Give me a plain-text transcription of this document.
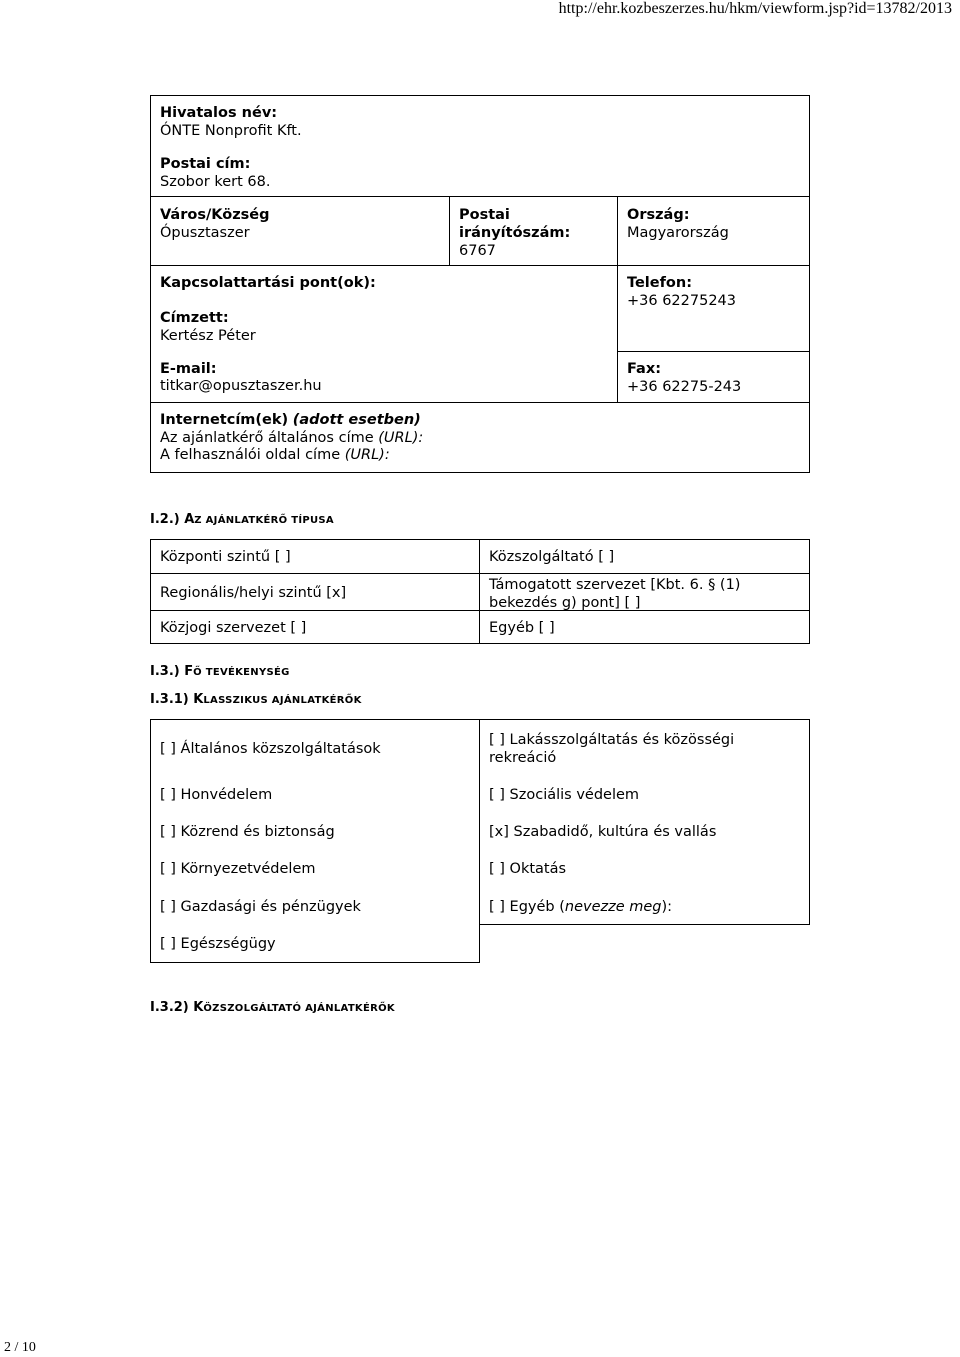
http://ehr.kozbeszerzes.hu/hkm/viewform.jsp?id=13782/2013
Hivatalos név:
ÓNTE Nonprofit Kft.
Postai cím:
Szobor kert 68.
Város/Község
Ópusztaszer
Postai
irányítószám:
6767
Ország:
Magyarország
Kapcsolattartási pont(ok):	Telefon:
+36 62275243
Címzett:
Kertész Péter
E-mail:
titkar@opusztaszer.hu
Fax:
+36 62275-243
Internetcím(ek) (adott esetben)
Az ajánlatkérő általános címe (URL):
A felhasználói oldal címe (URL):
I.2.) AZ AJÁNLATKÉRŐ TÍPUSA
Központi szintű [ ]	Közszolgáltató [ ]
Regionális/helyi szintű [x]	Támogatott szervezet [Kbt. 6. § (1)
bekezdés g) pont] [ ]
Közjogi szervezet [ ]	Egyéb [ ]
I.3.) FŐ TEVÉKENYSÉG
I.3.1) KLASSZIKUS AJÁNLATKÉRŐK
[ ] Általános közszolgáltatások
[ ] Honvédelem
[ ] Közrend és biztonság
[ ] Környezetvédelem
[ ] Gazdasági és pénzügyek
[ ] Egészségügy
[ ] Lakásszolgáltatás és közösségi
rekreáció
[ ] Szociális védelem
[x] Szabadidő, kultúra és vallás
[ ] Oktatás
[ ] Egyéb (nevezze meg):
I.3.2) KÖZSZOLGÁLTATÓ AJÁNLATKÉRŐK
2 / 10
